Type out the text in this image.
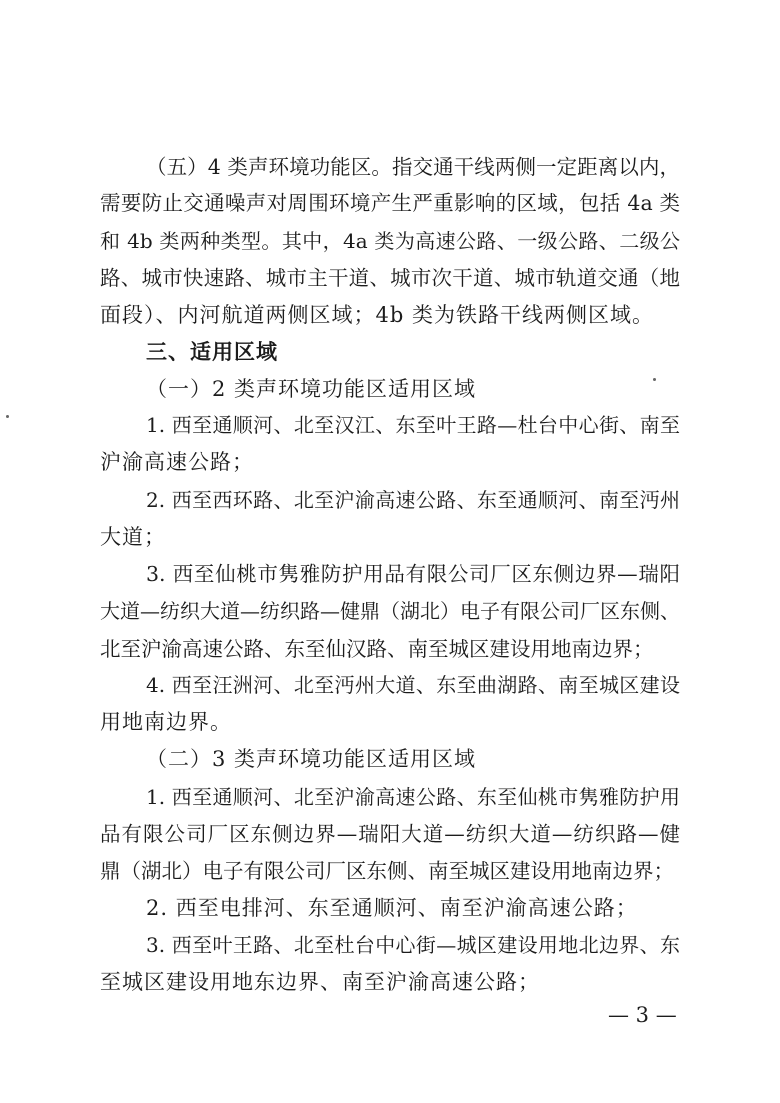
（五）4 类声环境功能区。指交通干线两侧一定距离以内，
需要防止交通噪声对周围环境产生严重影响的区域，包括 4a 类
和 4b 类两种类型。其中，4a 类为高速公路、一级公路、二级公
路、城市快速路、城市主干道、城市次干道、城市轨道交通（地
面段）、内河航道两侧区域；4b 类为铁路干线两侧区域。
三、适用区域
（一）2 类声环境功能区适用区域
1. 西至通顺河、北至汉江、东至叶王路—杜台中心街、南至
沪渝高速公路；
2. 西至西环路、北至沪渝高速公路、东至通顺河、南至沔州
大道；
3. 西至仙桃市隽雅防护用品有限公司厂区东侧边界—瑞阳
大道—纺织大道—纺织路—健鼎（湖北）电子有限公司厂区东侧、
北至沪渝高速公路、东至仙汉路、南至城区建设用地南边界；
4. 西至汪洲河、北至沔州大道、东至曲湖路、南至城区建设
用地南边界。
（二）3 类声环境功能区适用区域
1. 西至通顺河、北至沪渝高速公路、东至仙桃市隽雅防护用
品有限公司厂区东侧边界—瑞阳大道—纺织大道—纺织路—健
鼎（湖北）电子有限公司厂区东侧、南至城区建设用地南边界；
2. 西至电排河、东至通顺河、南至沪渝高速公路；
3. 西至叶王路、北至杜台中心街—城区建设用地北边界、东
至城区建设用地东边界、南至沪渝高速公路；
— 3 —
